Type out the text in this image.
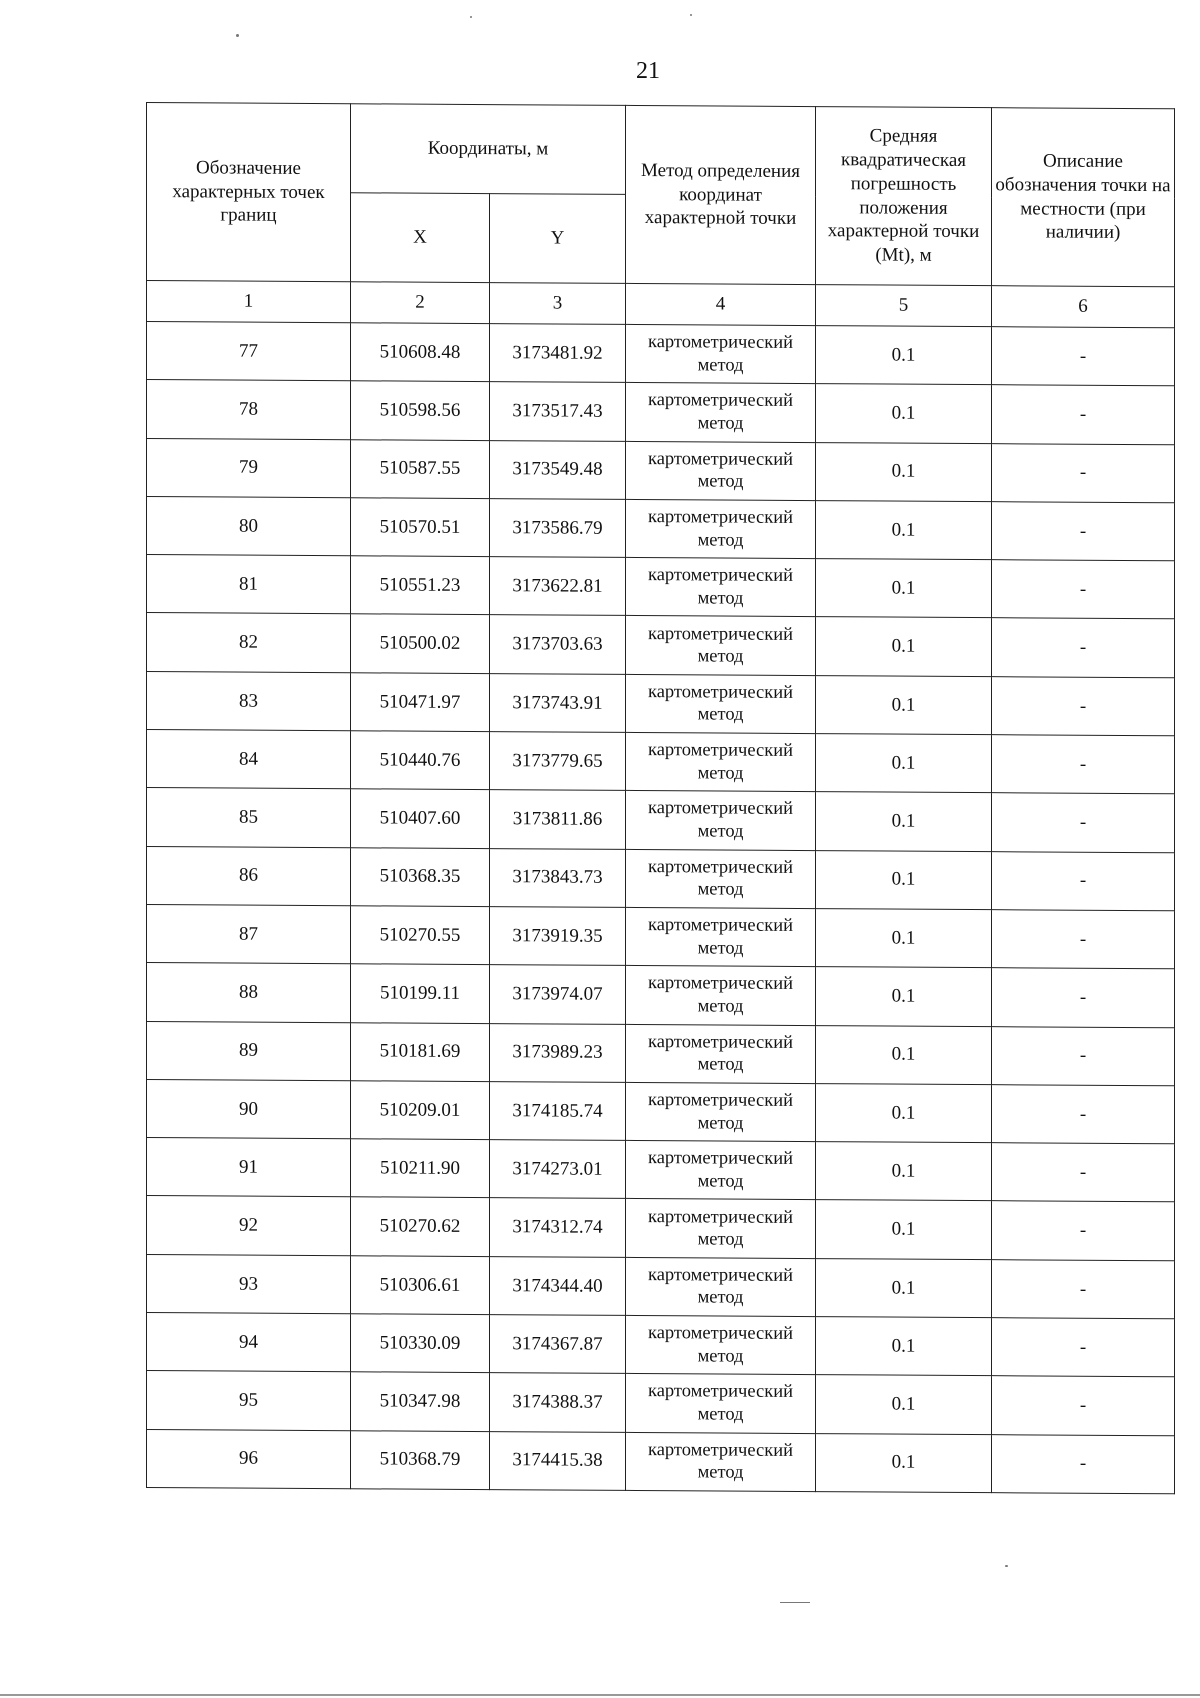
21
Обозначение характерных точек границ	Координаты, м		Метод определения координат характерной точки	Средняя квадратическая погрешность положения характерной точки (Mt), м	Описание обозначения точки на местности (при наличии)
	X	Y			
1	2	3	4	5	6
77	510608.48	3173481.92	картометрический метод	0.1	-
78	510598.56	3173517.43	картометрический метод	0.1	-
79	510587.55	3173549.48	картометрический метод	0.1	-
80	510570.51	3173586.79	картометрический метод	0.1	-
81	510551.23	3173622.81	картометрический метод	0.1	-
82	510500.02	3173703.63	картометрический метод	0.1	-
83	510471.97	3173743.91	картометрический метод	0.1	-
84	510440.76	3173779.65	картометрический метод	0.1	-
85	510407.60	3173811.86	картометрический метод	0.1	-
86	510368.35	3173843.73	картометрический метод	0.1	-
87	510270.55	3173919.35	картометрический метод	0.1	-
88	510199.11	3173974.07	картометрический метод	0.1	-
89	510181.69	3173989.23	картометрический метод	0.1	-
90	510209.01	3174185.74	картометрический метод	0.1	-
91	510211.90	3174273.01	картометрический метод	0.1	-
92	510270.62	3174312.74	картометрический метод	0.1	-
93	510306.61	3174344.40	картометрический метод	0.1	-
94	510330.09	3174367.87	картометрический метод	0.1	-
95	510347.98	3174388.37	картометрический метод	0.1	-
96	510368.79	3174415.38	картометрический метод	0.1	-
